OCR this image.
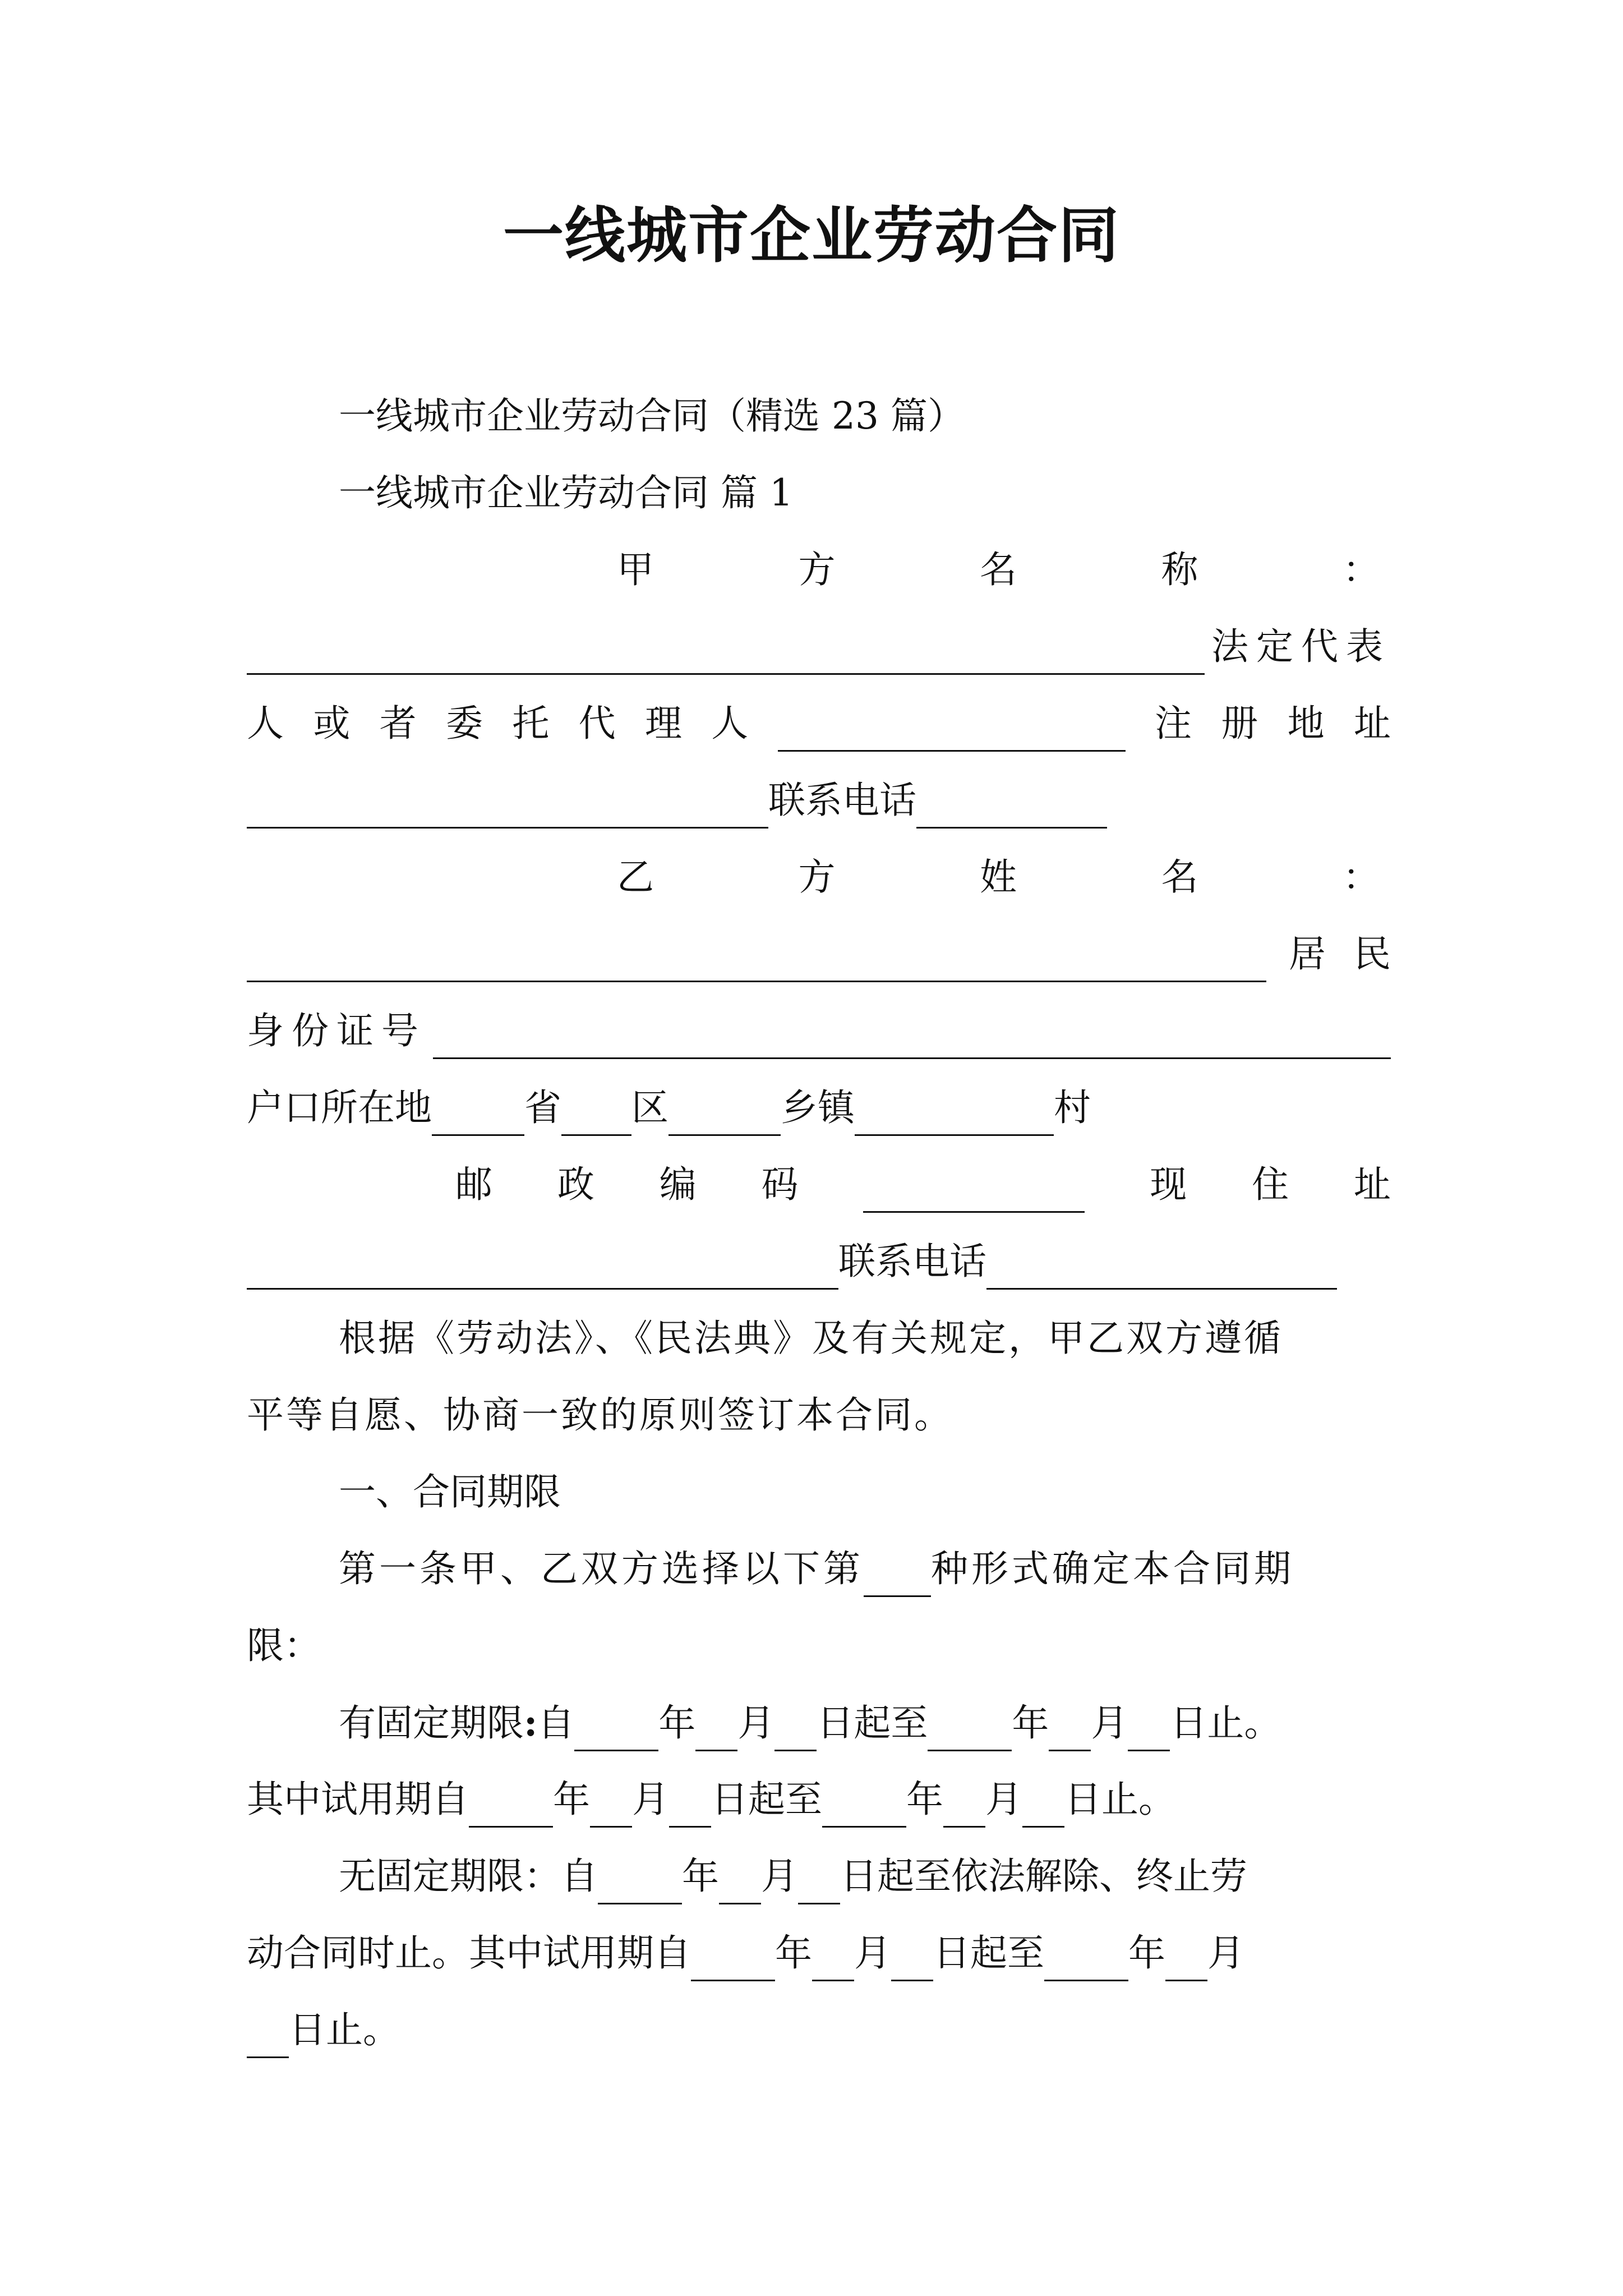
一线城市企业劳动合同
一线城市企业劳动合同（精选 23 篇）
一线城市企业劳动合同 篇 1
甲	方	名	称	：
法定代表
人 或 者 委 托 代 理 人	注 册 地 址
联系电话
乙	方	姓	名	：
居 民
身份证号
户口所在地	省 区	乡镇	村
邮 政 编 码	现 住 址
联系电话
根据《劳动法》、《民法典》及有关规定，甲乙双方遵循
平等自愿、协商一致的原则签订本合同。
一、合同期限
第一条甲、乙双方选择以下第 种形式确定本合同期
限：
有固定期限:自 年 月 日起至 年 月 日止。
其中试用期自 年 月 日起至 年 月 日止。
无固定期限：自 年 月 日起至依法解除、终止劳
动合同时止。其中试用期自 年 月 日起至 年 月
日止。
